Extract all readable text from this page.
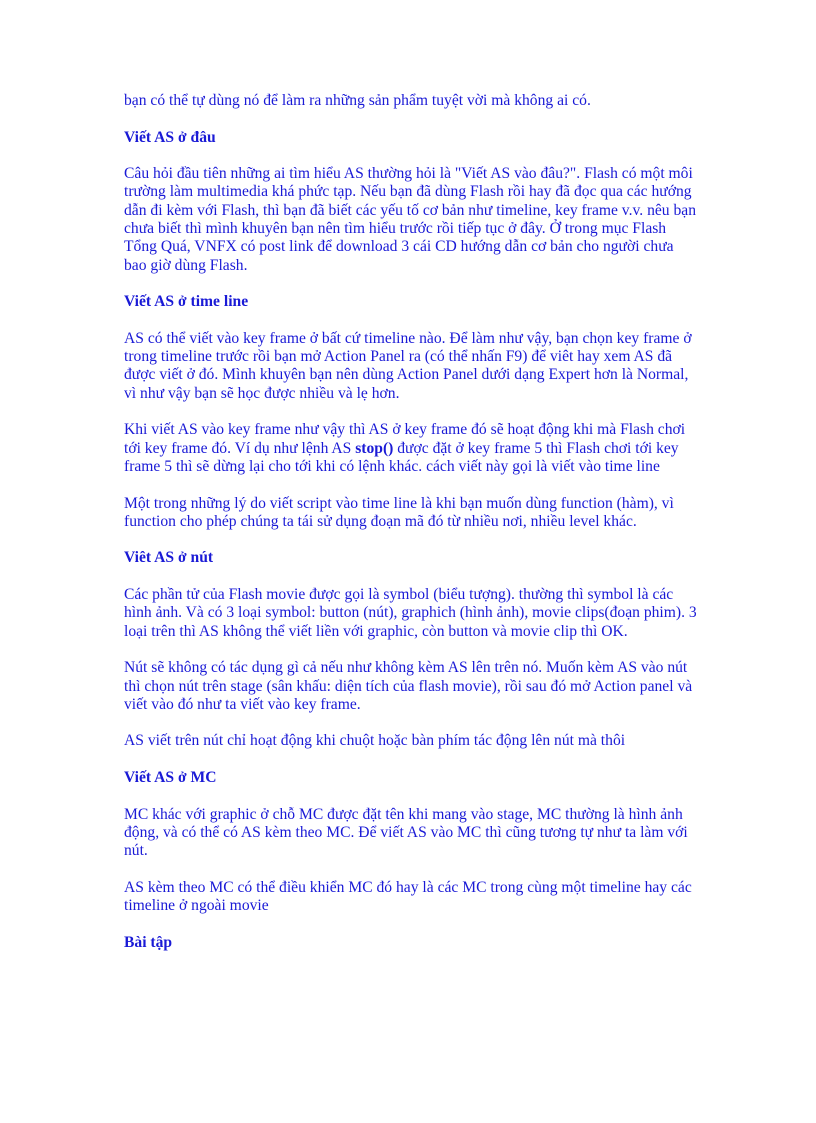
bạn có thể tự dùng nó để làm ra những sản phẩm tuyệt vời mà không ai có.

Viết AS ở đâu

Câu hỏi đầu tiên những ai tìm hiểu AS thường hỏi là "Viết AS vào đâu?". Flash có một môi trường làm multimedia khá phức tạp. Nếu bạn đã dùng Flash rồi hay đã đọc qua các hướng dẫn đi kèm với Flash, thì bạn đã biết các yếu tố cơ bản như timeline, key frame v.v. nêu bạn chưa biết thì mình khuyên bạn nên tìm hiểu trước rồi tiếp tục ở đây. Ở trong mục Flash Tổng Quá, VNFX có post link để download 3 cái CD hướng dẫn cơ bản cho người chưa bao giờ dùng Flash.

Viết AS ở time line

AS có thể viết vào key frame ở bất cứ timeline nào. Để làm như vậy, bạn chọn key frame ở trong timeline trước rồi bạn mở Action Panel ra (có thể nhấn F9) để viêt hay xem AS đã được viết ở đó. Mình khuyên bạn nên dùng Action Panel dưới dạng Expert hơn là Normal, vì như vậy bạn sẽ học được nhiều và lẹ hơn.

Khi viết AS vào key frame như vậy thì AS ở key frame đó sẽ hoạt động khi mà Flash chơi tới key frame đó. Ví dụ như lệnh AS stop() được đặt ở key frame 5 thì Flash chơi tới key frame 5 thì sẽ dừng lại cho tới khi có lệnh khác. cách viết này gọi là viết vào time line

Một trong những lý do viết script vào time line là khi bạn muốn dùng function (hàm), vì function cho phép chúng ta tái sử dụng đoạn mã đó từ nhiều nơi, nhiều level khác.

Viêt AS ở nút

Các phần tử của Flash movie được gọi là symbol (biểu tượng). thường thì symbol là các hình ảnh. Và có 3 loại symbol: button (nút), graphich (hình ảnh), movie clips(đoạn phim). 3 loại trên thì AS không thể viết liền với graphic, còn button và movie clip thì OK.

Nút sẽ không có tác dụng gì cả nếu như không kèm AS lên trên nó. Muốn kèm AS vào nút thì chọn nút trên stage (sân khấu: diện tích của flash movie), rồi sau đó mở Action panel và viết vào đó như ta viết vào key frame.

AS viết trên nút chỉ hoạt động khi chuột hoặc bàn phím tác động lên nút mà thôi

Viết AS ở MC

MC khác với graphic ở chỗ MC được đặt tên khi mang vào stage, MC thường là hình ảnh động, và có thể có AS kèm theo MC. Để viết AS vào MC thì cũng tương tự như ta làm với nút.

AS kèm theo MC có thể điều khiển MC đó hay là các MC trong cùng một timeline hay các timeline ở ngoài movie

Bài tập
